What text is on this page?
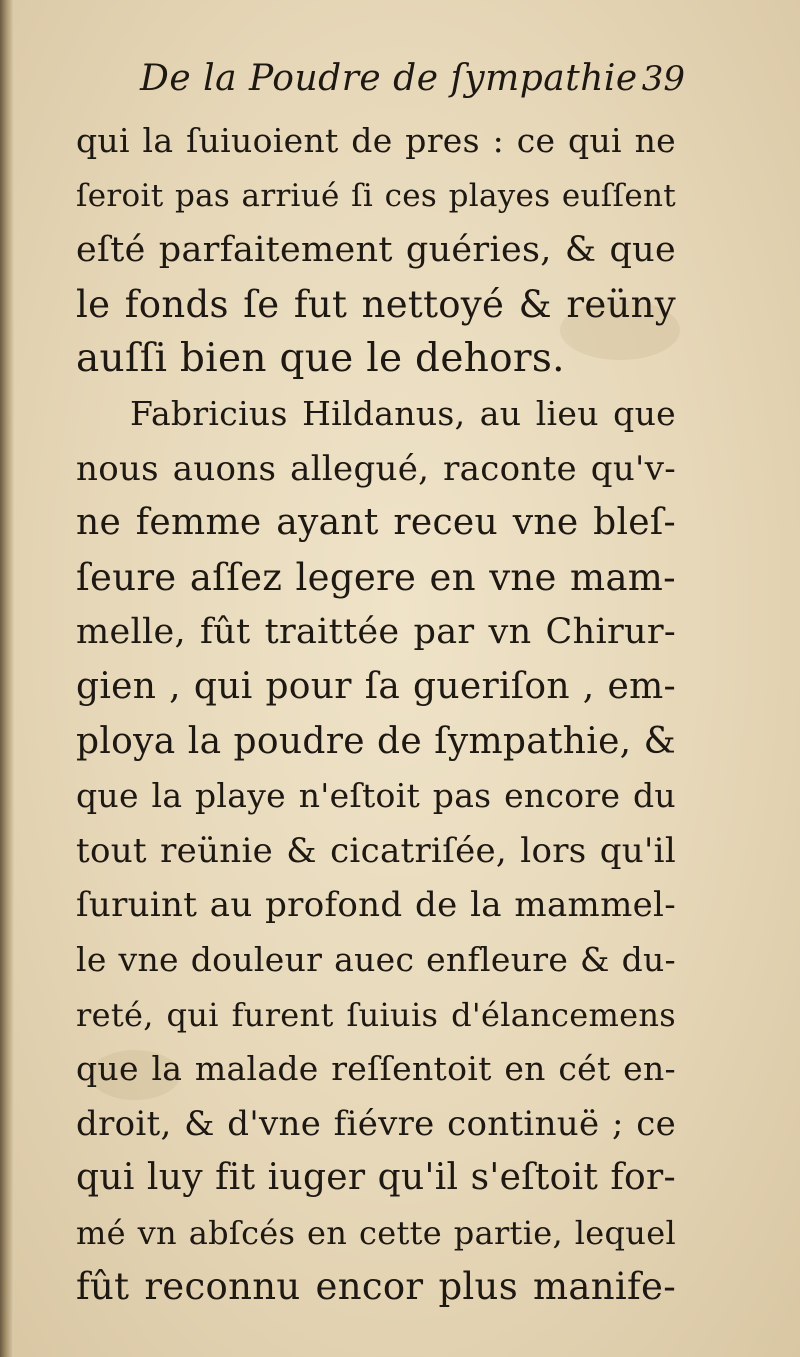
De la Poudre de ſympathie 39
qui la ſuiuoient de pres : ce qui ne
ſeroit pas arriué ſi ces playes euſſent
eſté parfaitement guéries, & que
le fonds ſe fut nettoyé & reüny
auſſi bien que le dehors.
Fabricius Hildanus, au lieu que
nous auons allegué, raconte qu'v-
ne femme ayant receu vne bleſ-
ſeure aſſez legere en vne mam-
melle, fût traittée par vn Chirur-
gien , qui pour ſa gueriſon , em-
ploya la poudre de ſympathie, &
que la playe n'eſtoit pas encore du
tout reünie & cicatriſée, lors qu'il
ſuruint au profond de la mammel-
le vne douleur auec enfleure & du-
reté, qui furent ſuiuis d'élancemens
que la malade reſſentoit en cét en-
droit, & d'vne fiévre continuë ; ce
qui luy fit iuger qu'il s'eſtoit for-
mé vn abſcés en cette partie, lequel
fût reconnu encor plus manife-
